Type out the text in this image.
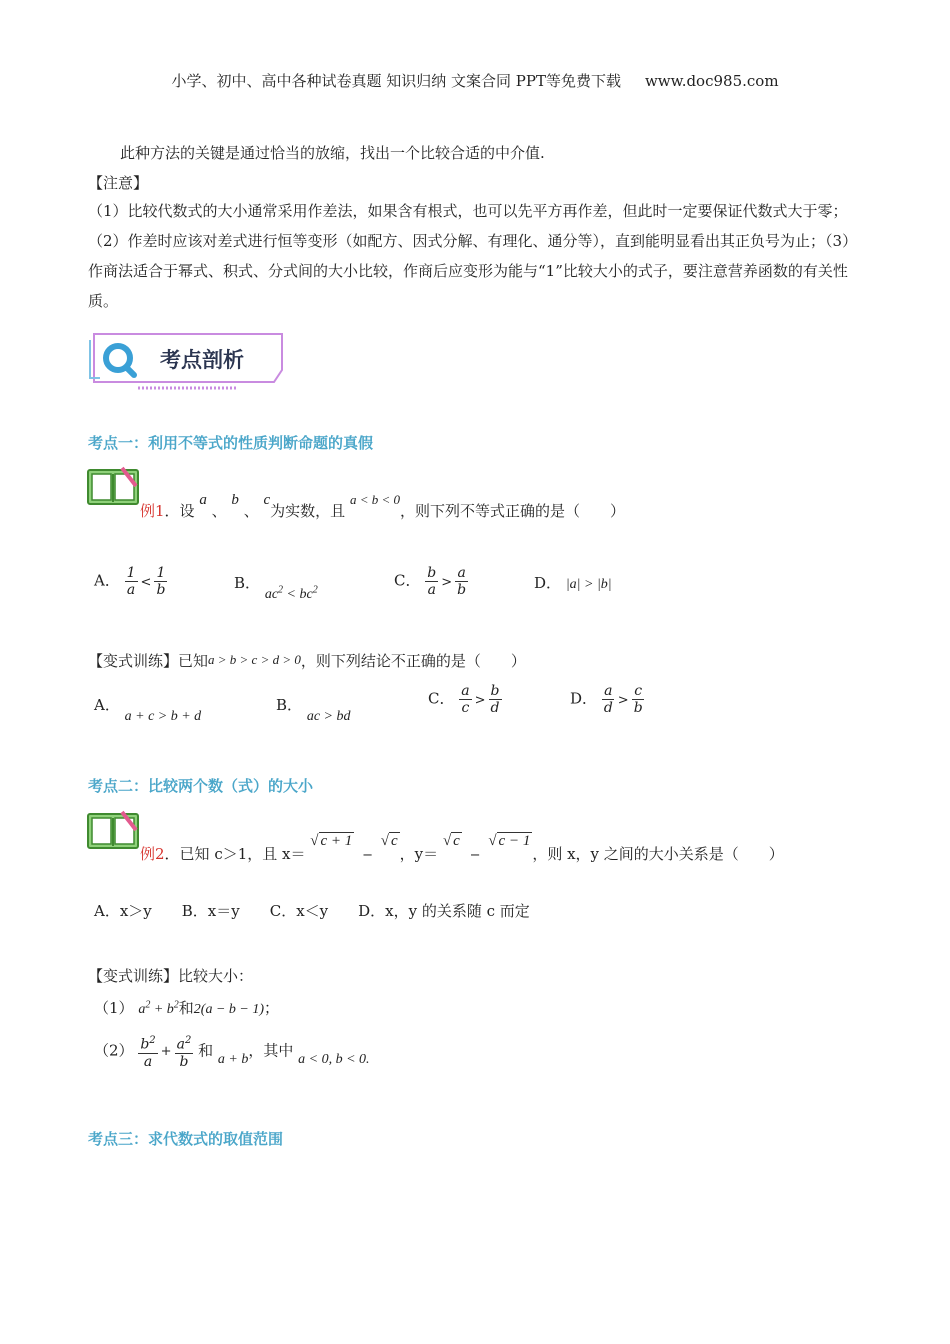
小学、初中、高中各种试卷真题 知识归纳 文案合同 PPT等免费下载 www.doc985.com
此种方法的关键是通过恰当的放缩，找出一个比较合适的中介值.
【注意】
（1）比较代数式的大小通常采用作差法，如果含有根式，也可以先平方再作差，但此时一定要保证代数式大于零；（2）作差时应该对差式进行恒等变形（如配方、因式分解、有理化、通分等），直到能明显看出其正负号为止；（3）作商法适合于幂式、积式、分式间的大小比较，作商后应变形为能与“1”比较大小的式子，要注意营养函数的有关性质。
考点剖析
考点一：利用不等式的性质判断命题的真假
例1．设 a 、 b 、 c为实数，且 a < b < 0，则下列不等式正确的是（　　）
A． $\frac{1}{a} < \frac{1}{b}$	B． $ac^2 < bc^2$
C． $\frac{b}{a} > \frac{a}{b}$	D． |a| > |b|
【变式训练】已知a > b > c > d > 0，则下列结论不正确的是（　　）
A． a + c > b + d
B． ac > bd
C． $\frac{a}{c} > \frac{b}{d}$	D． $\frac{a}{d} > \frac{c}{b}$
考点二：比较两个数（式）的大小
例2．已知 c＞1，且 x＝ √ c + 1 − √ c，y＝ √ c − √ c − 1，则 x，y 之间的大小关系是（　　）
A．x＞y　　B．x＝y　　C．x＜y　　D．x，y 的关系随 c 而定
【变式训练】比较大小：
（1） $a^2 + b^2$和2(a − b − 1)；
$(2) \frac{b^2}{a} + \frac{a^2}{b}$ 和 a + b，其中 a < 0, b < 0.
考点三：求代数式的取值范围
